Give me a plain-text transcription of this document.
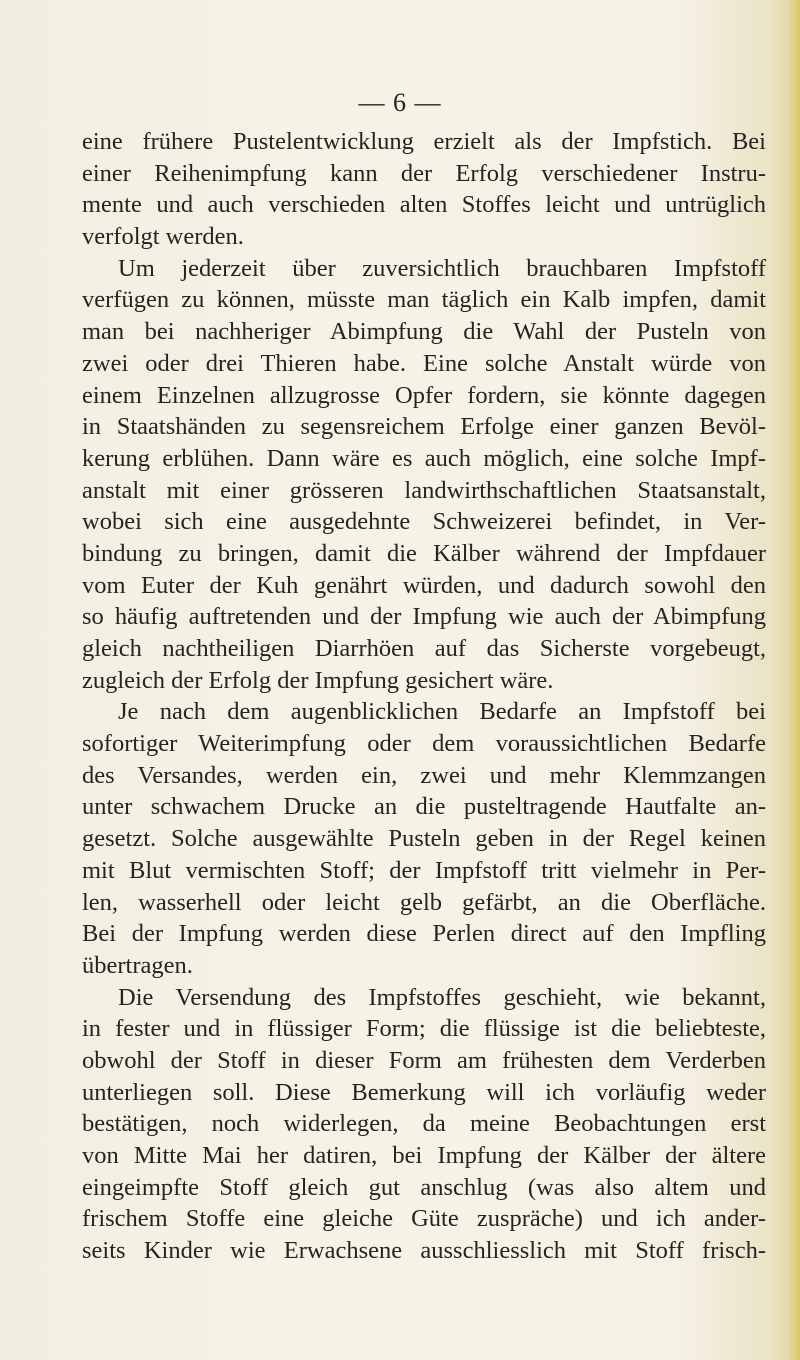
— 6 —
eine frühere Pustelentwicklung erzielt als der Impfstich. Bei
einer Reihenimpfung kann der Erfolg verschiedener Instru-
mente und auch verschieden alten Stoffes leicht und untrüglich
verfolgt werden.
Um jederzeit über zuversichtlich brauchbaren Impfstoff
verfügen zu können, müsste man täglich ein Kalb impfen, damit
man bei nachheriger Abimpfung die Wahl der Pusteln von
zwei oder drei Thieren habe. Eine solche Anstalt würde von
einem Einzelnen allzugrosse Opfer fordern, sie könnte dagegen
in Staatshänden zu segensreichem Erfolge einer ganzen Bevöl-
kerung erblühen. Dann wäre es auch möglich, eine solche Impf-
anstalt mit einer grösseren landwirthschaftlichen Staatsanstalt,
wobei sich eine ausgedehnte Schweizerei befindet, in Ver-
bindung zu bringen, damit die Kälber während der Impfdauer
vom Euter der Kuh genährt würden, und dadurch sowohl den
so häufig auftretenden und der Impfung wie auch der Abimpfung
gleich nachtheiligen Diarrhöen auf das Sicherste vorgebeugt,
zugleich der Erfolg der Impfung gesichert wäre.
Je nach dem augenblicklichen Bedarfe an Impfstoff bei
sofortiger Weiterimpfung oder dem voraussichtlichen Bedarfe
des Versandes, werden ein, zwei und mehr Klemmzangen
unter schwachem Drucke an die pusteltragende Hautfalte an-
gesetzt. Solche ausgewählte Pusteln geben in der Regel keinen
mit Blut vermischten Stoff; der Impfstoff tritt vielmehr in Per-
len, wasserhell oder leicht gelb gefärbt, an die Oberfläche.
Bei der Impfung werden diese Perlen direct auf den Impfling
übertragen.
Die Versendung des Impfstoffes geschieht, wie bekannt,
in fester und in flüssiger Form; die flüssige ist die beliebteste,
obwohl der Stoff in dieser Form am frühesten dem Verderben
unterliegen soll. Diese Bemerkung will ich vorläufig weder
bestätigen, noch widerlegen, da meine Beobachtungen erst
von Mitte Mai her datiren, bei Impfung der Kälber der ältere
eingeimpfte Stoff gleich gut anschlug (was also altem und
frischem Stoffe eine gleiche Güte zuspräche) und ich ander-
seits Kinder wie Erwachsene ausschliesslich mit Stoff frisch-
